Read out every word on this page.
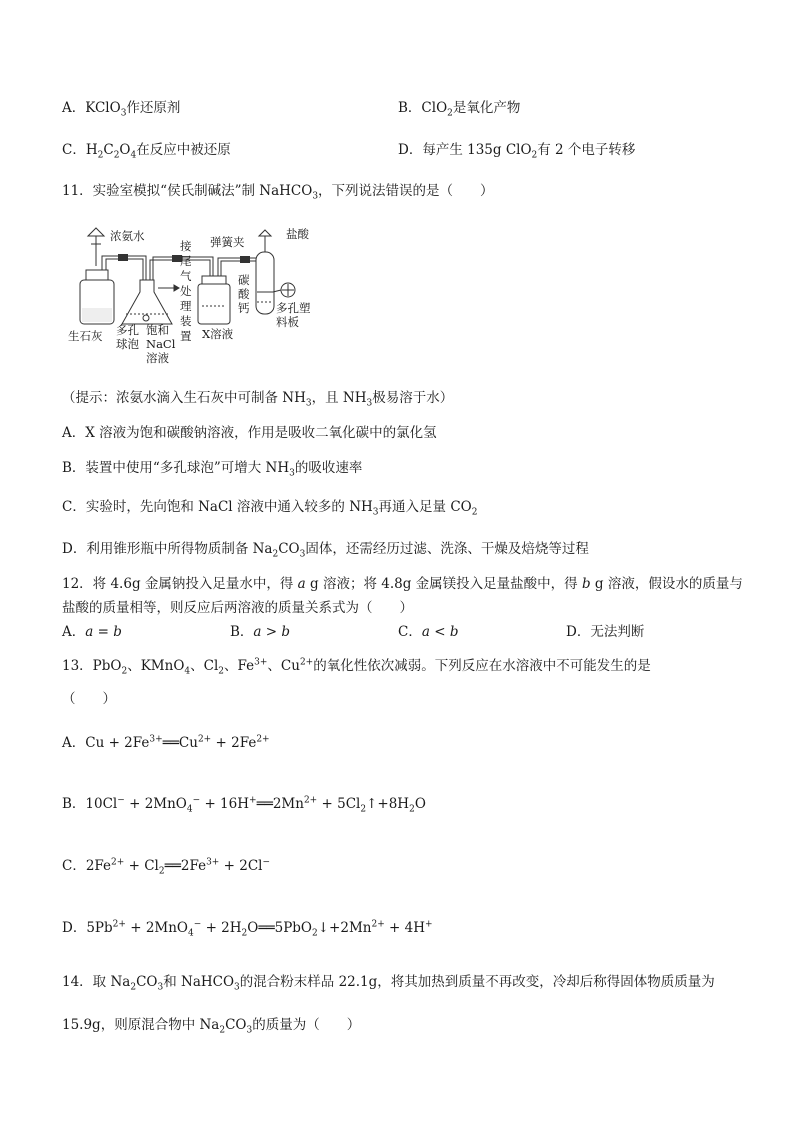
A．KClO$_3$作还原剂	B．ClO$_2$是氧化产物
C．$H_2C_2O_4$在反应中被还原	D．每产生 135g ClO$_2$有 2 个电子转移
11．实验室模拟“侯氏制碱法”制 NaHCO$_3$，下列说法错误的是（　　）
浓氨水	弹簧夹
盐酸
生石灰 多孔
球泡
饱和
NaCl
溶液
接
尾
气
处
理
装
置 X溶液
碳
酸
钙 多孔塑
料板
（提示：浓氨水滴入生石灰中可制备 $NH_3$，且 $NH_3$极易溶于水）
A．X 溶液为饱和碳酸钠溶液，作用是吸收二氧化碳中的氯化氢
B．装置中使用“多孔球泡”可增大 $NH_3$的吸收速率
C．实验时，先向饱和 NaCl 溶液中通入较多的 $NH_3$再通入足量 $CO_2$
D．利用锥形瓶中所得物质制备 $Na_2CO_3$固体，还需经历过滤、洗涤、干燥及焙烧等过程
12．将 4.6g 金属钠投入足量水中，得 a g 溶液；将 4.8g 金属镁投入足量盐酸中，得 b g 溶液，假设水的质量与
盐酸的质量相等，则反应后两溶液的质量关系式为（　　）
A．a = b	B．a > b	C．a < b	D．无法判断
13．PbO$_2$、KMnO$_4$、$Cl_2$、$Fe^{3+}$、$Cu^{2+}$的氧化性依次减弱。下列反应在水溶液中不可能发生的是
（　　）
A．$Cu + 2Fe^{3+}══Cu^{2+} + 2Fe^{2+}$
B．$10Cl^- + 2MnO_4^- + 16H^+══2Mn^{2+}$ + $5Cl_2↑+8H_2O$
C．$2Fe^{2+}$ + $Cl_2══2Fe^{3+} + 2Cl^-$
D．$5Pb^{2+} + 2MnO_4^-$ + $2H_2O══5PbO_2↓+2Mn^{2+} + 4H^+$
14．取 $Na_2CO_3$和 NaHCO$_3$的混合粉末样品 22.1g，将其加热到质量不再改变，冷却后称得固体物质质量为
15.9g，则原混合物中 $Na_2CO_3$的质量为（　　）
